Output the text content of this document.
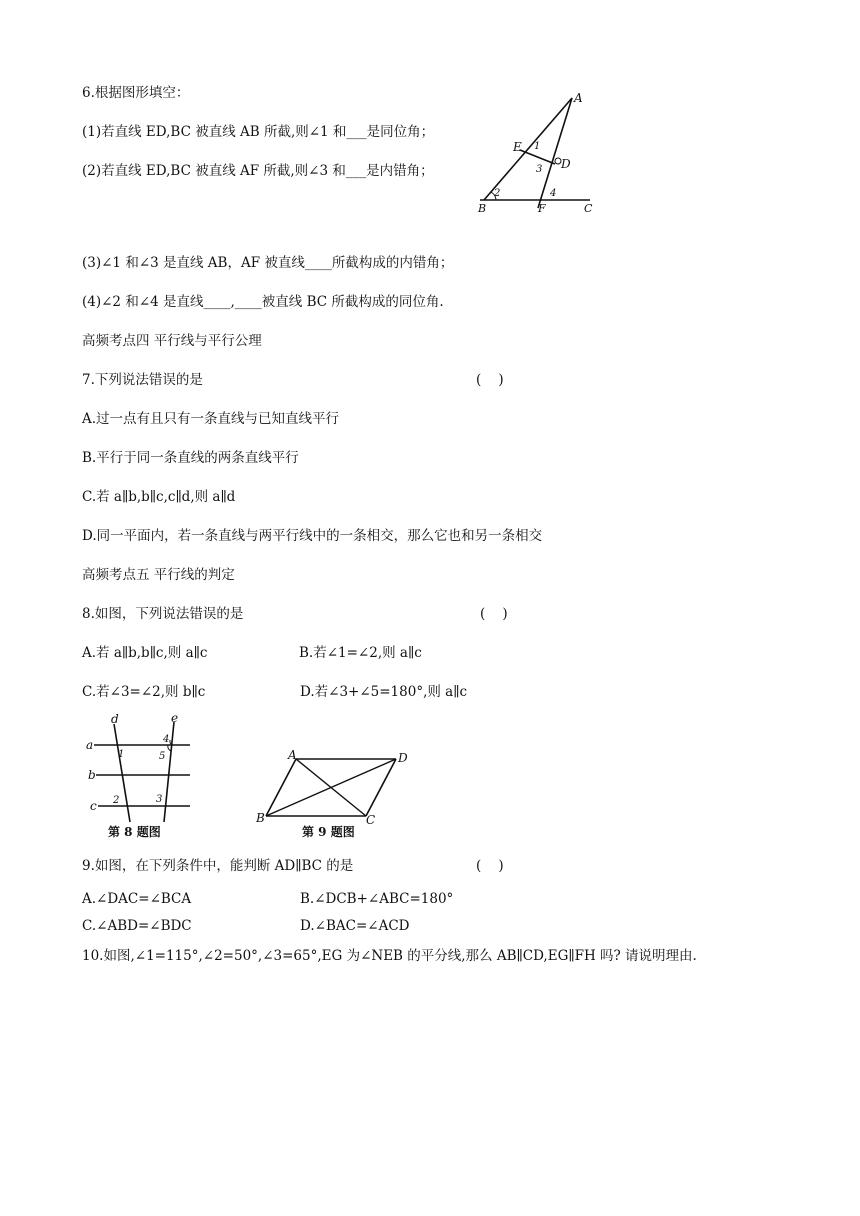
6.根据图形填空：
(1)若直线 ED,BC 被直线 AB 所截,则∠1 和___是同位角；
(2)若直线 ED,BC 被直线 AF 所截,则∠3 和___是内错角；
A
E
D
B	F	C
1
2
3
4
(3)∠1 和∠3 是直线 AB，AF 被直线____所截构成的内错角；
(4)∠2 和∠4 是直线____,____被直线 BC 所截构成的同位角.
高频考点四 平行线与平行公理
7.下列说法错误的是	(    )
A.过一点有且只有一条直线与已知直线平行
B.平行于同一条直线的两条直线平行
C.若 a∥b,b∥c,c∥d,则 a∥d
D.同一平面内，若一条直线与两平行线中的一条相交，那么它也和另一条相交
高频考点五 平行线的判定
8.如图，下列说法错误的是	(    )
A.若 a∥b,b∥c,则 a∥c	B.若∠1=∠2,则 a∥c
C.若∠3=∠2,则 b∥c	D.若∠3+∠5=180°,则 a∥c
d	e
a
b
c
1
2	3
4
5
第 8 题图
A	D
B	C
第 9 题图
9.如图，在下列条件中，能判断 AD∥BC 的是	(    )
A.∠DAC=∠BCA	B.∠DCB+∠ABC=180°
C.∠ABD=∠BDC	D.∠BAC=∠ACD
10.如图,∠1=115°,∠2=50°,∠3=65°,EG 为∠NEB 的平分线,那么 AB∥CD,EG∥FH 吗? 请说明理由.
